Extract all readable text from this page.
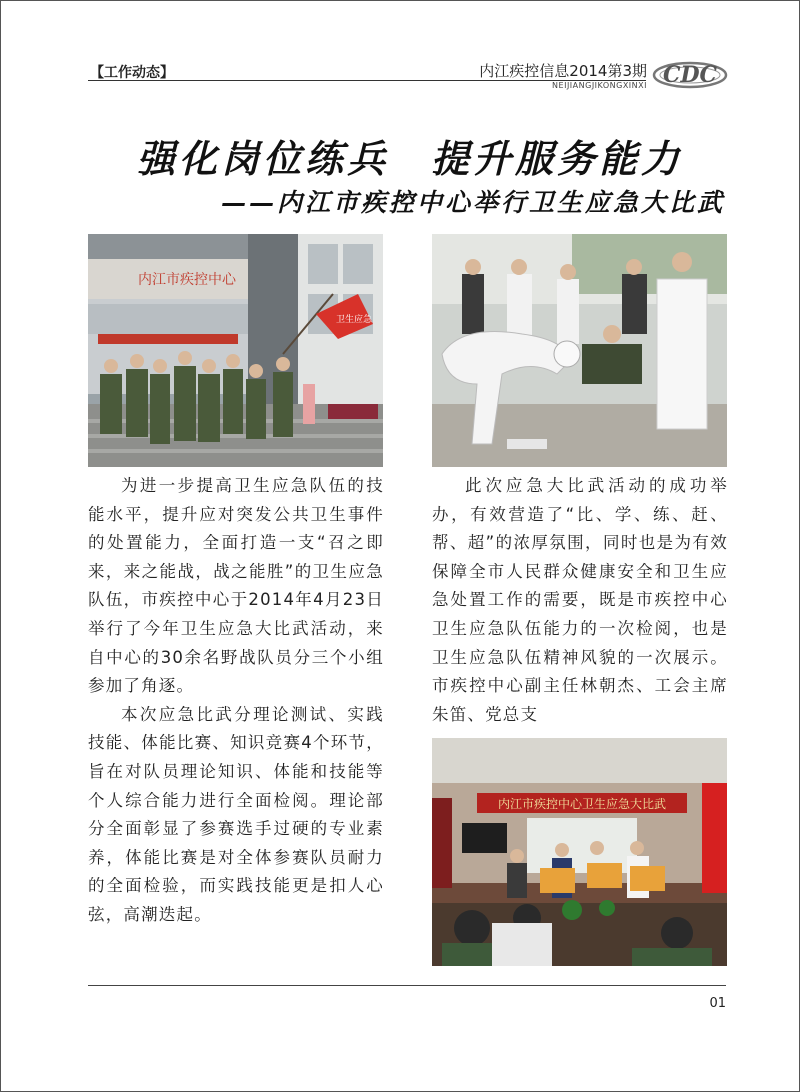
【工作动态】	内江疾控信息2014第3期
NEIJIANGJIKONGXINXI CDC
强化岗位练兵　提升服务能力
——内江市疾控中心举行卫生应急大比武
内江市疾控中心
卫生应急
内江市疾控中心卫生应急大比武

为进一步提高卫生应急队伍的技能水平，提升应对突发公共卫生事件的处置能力，全面打造一支“召之即来，来之能战，战之能胜”的卫生应急队伍，市疾控中心于2014年4月23日举行了今年卫生应急大比武活动，来自中心的30余名野战队员分三个小组参加了角逐。

本次应急比武分理论测试、实践技能、体能比赛、知识竞赛4个环节，旨在对队员理论知识、体能和技能等个人综合能力进行全面检阅。理论部分全面彰显了参赛选手过硬的专业素养，体能比赛是对全体参赛队员耐力的全面检验，而实践技能更是扣人心弦，高潮迭起。

此次应急大比武活动的成功举办，有效营造了“比、学、练、赶、帮、超”的浓厚氛围，同时也是为有效保障全市人民群众健康安全和卫生应急处置工作的需要，既是市疾控中心卫生应急队伍能力的一次检阅，也是卫生应急队伍精神风貌的一次展示。市疾控中心副主任林朝杰、工会主席朱笛、党总支

01
